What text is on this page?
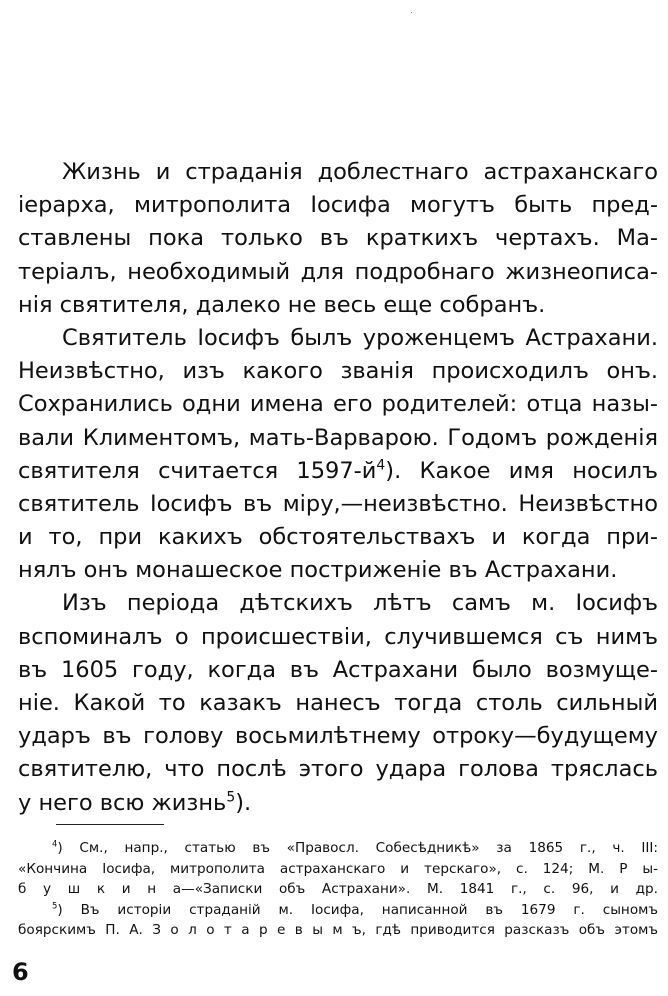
Жизнь и страданія доблестнаго астраханскаго
іерарха, митрополита Іосифа могутъ быть пред-
ставлены пока только въ краткихъ чертахъ. Ма-
теріалъ, необходимый для подробнаго жизнеописа-
нія святителя, далеко не весь еще собранъ.
Святитель Іосифъ былъ уроженцемъ Астрахани.
Неизвѣстно, изъ какого званія происходилъ онъ.
Сохранились одни имена его родителей: отца назы-
вали Климентомъ, мать-Варварою. Годомъ рожденія
святителя считается $1597-й^4$). Какое имя носилъ
святитель Іосифъ въ міру,—неизвѣстно. Неизвѣстно
и то, при какихъ обстоятельствахъ и когда при-
нялъ онъ монашеское постриженіе въ Астрахани.
Изъ періода дѣтскихъ лѣтъ самъ м. Іосифъ
вспоминалъ о происшествіи, случившемся съ нимъ
въ 1605 году, когда въ Астрахани было возмуще-
ніе. Какой то казакъ нанесъ тогда столь сильный
ударъ въ голову восьмилѣтнему отроку—будущему
святителю, что послѣ этого удара голова тряслась
у него всю жизнь$^5$).
$^4$) См., напр., статью въ «Правосл. Собесѣдникѣ» за 1865 г., ч. III:
«Кончина Іосифа, митрополита астраханскаго и терскаго», с. 124; М. Р ы-
б у ш к и н а—«Записки объ Астрахани». М. 1841 г., с. 96, и др.
$^5$) Въ исторіи страданій м. Іосифа, написанной въ 1679 г. сыномъ
боярскимъ П. А. З о л о т а р е в ы м ъ, гдѣ приводится разсказъ объ этомъ
6
